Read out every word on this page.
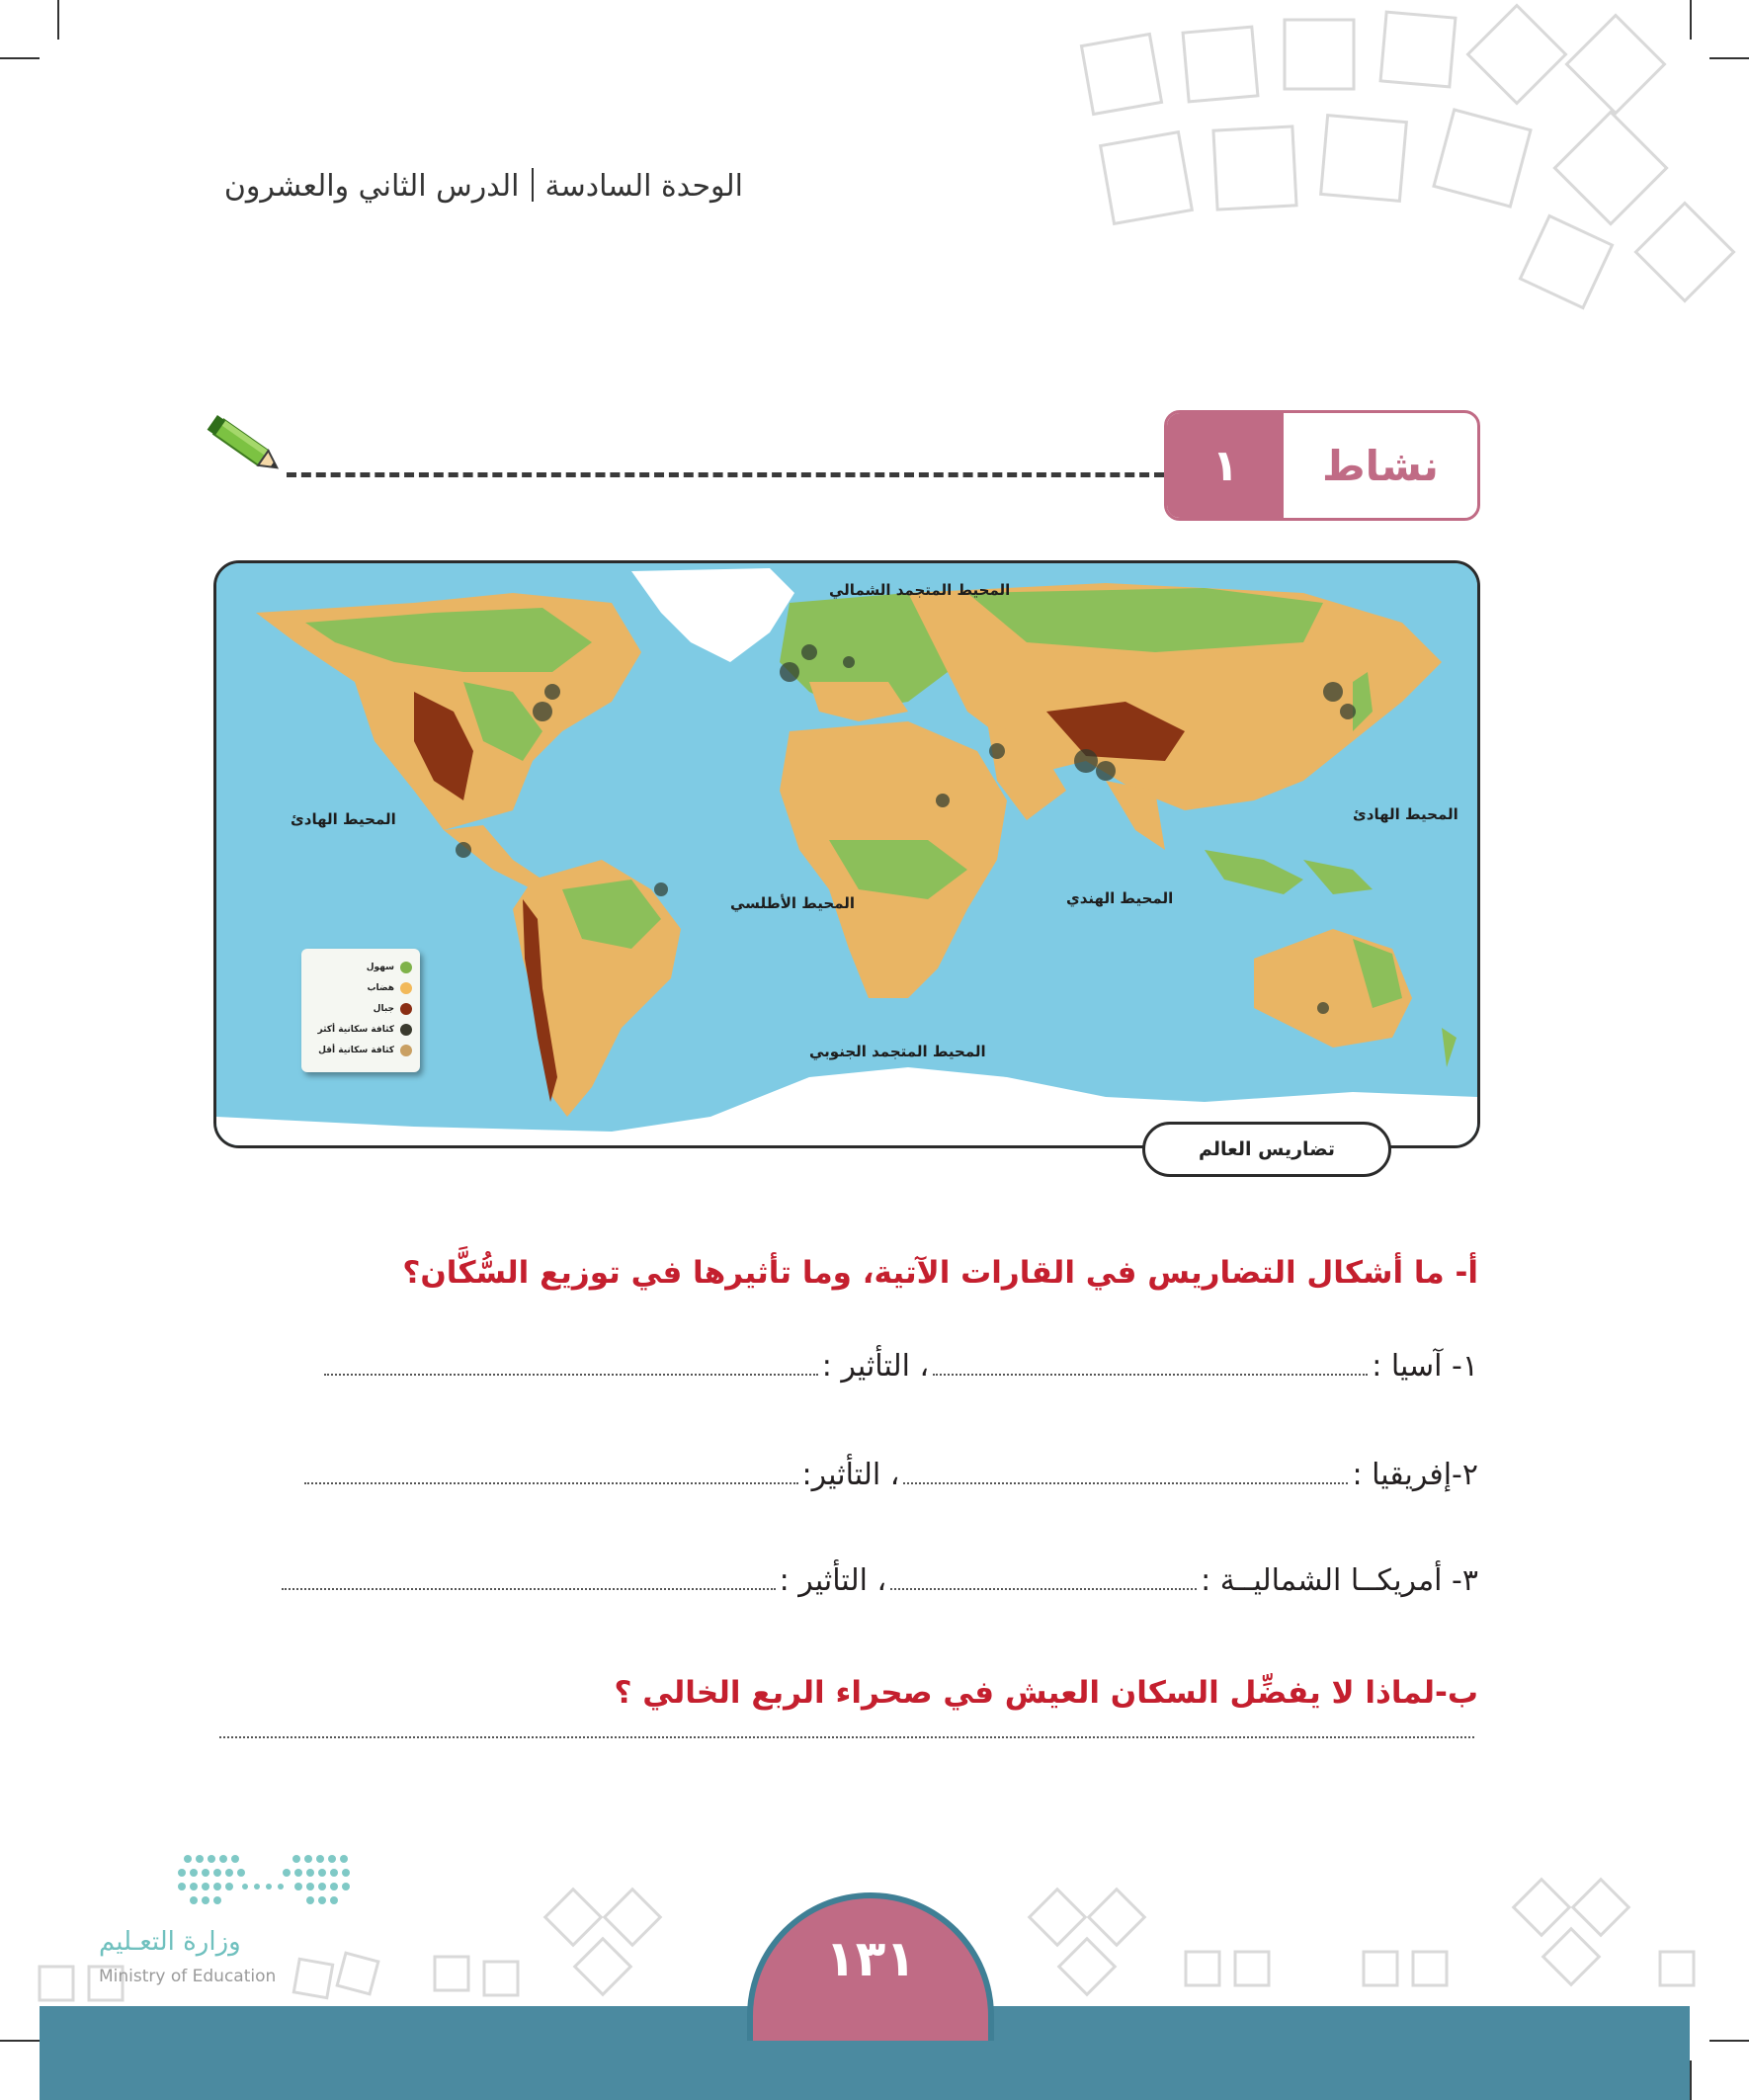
الوحدة السادسةالدرس الثاني والعشرون
١	نشاط
المحيط المتجمد الشمالي
المحيط الهادئ	المحيط الهادئ
المحيط الأطلسي	المحيط الهندي
المحيط المتجمد الجنوبي
سهول
هضاب
جبال
كثافة سكانية أكثر
كثافة سكانية أقل
تضاريس العالم
أ- ما أشكال التضاريس في القارات الآتية، وما تأثيرها في توزيع السُّكَّان؟
١- آسيا :
، التأثير :
٢-إفريقيا :
، التأثير:
٣- أمريكــا الشماليــة :
، التأثير :
ب-لماذا لا يفضِّل السكان العيش في صحراء الربع الخالي ؟
وزارة التعـليم
Ministry of Education	١٣١
